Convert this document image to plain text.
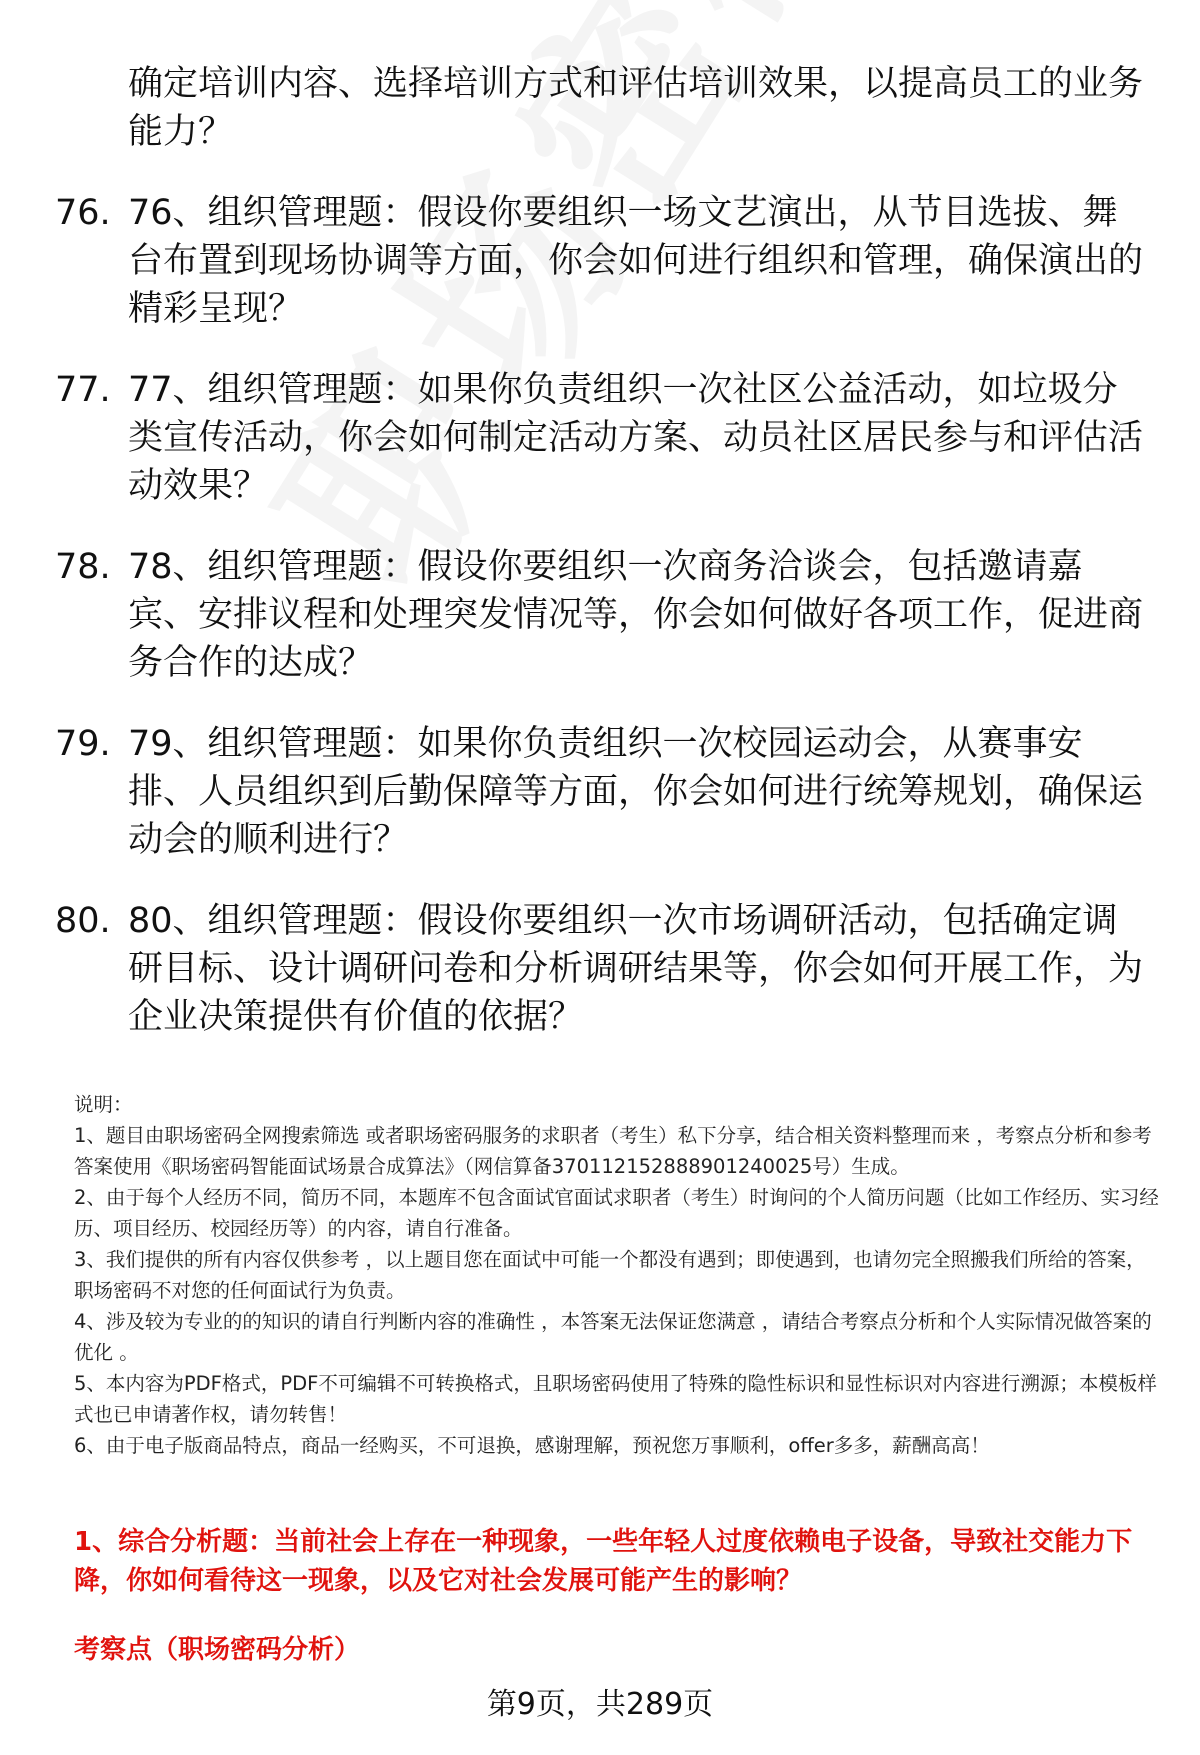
确定培训内容、选择培训方式和评估培训效果，以提高员工的业务能力？
76. 76、组织管理题：假设你要组织一场文艺演出，从节目选拔、舞台布置到现场协调等方面，你会如何进行组织和管理，确保演出的精彩呈现？
77. 77、组织管理题：如果你负责组织一次社区公益活动，如垃圾分类宣传活动，你会如何制定活动方案、动员社区居民参与和评估活动效果？
78. 78、组织管理题：假设你要组织一次商务洽谈会，包括邀请嘉宾、安排议程和处理突发情况等，你会如何做好各项工作，促进商务合作的达成？
79. 79、组织管理题：如果你负责组织一次校园运动会，从赛事安排、人员组织到后勤保障等方面，你会如何进行统筹规划，确保运动会的顺利进行？
80. 80、组织管理题：假设你要组织一次市场调研活动，包括确定调研目标、设计调研问卷和分析调研结果等，你会如何开展工作，为企业决策提供有价值的依据？

说明：

1、题目由职场密码全网搜索筛选 或者职场密码服务的求职者（考生）私下分享，结合相关资料整理而来 ，考察点分析和参考答案使用《职场密码智能面试场景合成算法》（网信算备370112152888901240025号）生成。

2、由于每个人经历不同，简历不同，本题库不包含面试官面试求职者（考生）时询问的个人简历问题（比如工作经历、实习经历、项目经历、校园经历等）的内容，请自行准备。

3、我们提供的所有内容仅供参考 ，以上题目您在面试中可能一个都没有遇到；即使遇到，也请勿完全照搬我们所给的答案，职场密码不对您的任何面试行为负责。

4、涉及较为专业的的知识的请自行判断内容的准确性 ，本答案无法保证您满意 ，请结合考察点分析和个人实际情况做答案的优化 。

5、本内容为PDF格式，PDF不可编辑不可转换格式，且职场密码使用了特殊的隐性标识和显性标识对内容进行溯源；本模板样式也已申请著作权，请勿转售！

6、由于电子版商品特点，商品一经购买，不可退换，感谢理解，预祝您万事顺利，offer多多，薪酬高高！

1、综合分析题：当前社会上存在一种现象，一些年轻人过度依赖电子设备，导致社交能力下降，你如何看待这一现象，以及它对社会发展可能产生的影响？
考察点（职场密码分析）
第9页，共289页
